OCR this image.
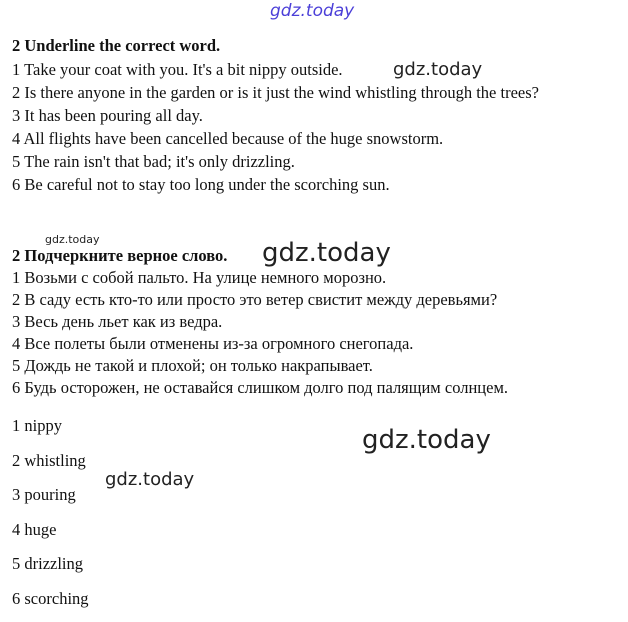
gdz.today
2 Underline the correct word.
1 Take your coat with you. It's a bit nippy outside.	gdz.today
2 Is there anyone in the garden or is it just the wind whistling through the trees?
3 It has been pouring all day.
4 All flights have been cancelled because of the huge snowstorm.
5 The rain isn't that bad; it's only drizzling.
6 Be careful not to stay too long under the scorching sun.
gdz.today
2 Подчеркните верное слово. gdz.today
1 Возьми с собой пальто. На улице немного морозно.
2 В саду есть кто-то или просто это ветер свистит между деревьями?
3 Весь день льет как из ведра.
4 Все полеты были отменены из-за огромного снегопада.
5 Дождь не такой и плохой; он только накрапывает.
6 Будь осторожен, не оставайся слишком долго под палящим солнцем.
1 nippy
2 whistling
3 pouring
4 huge
5 drizzling
6 scorching
gdz.today
gdz.today
